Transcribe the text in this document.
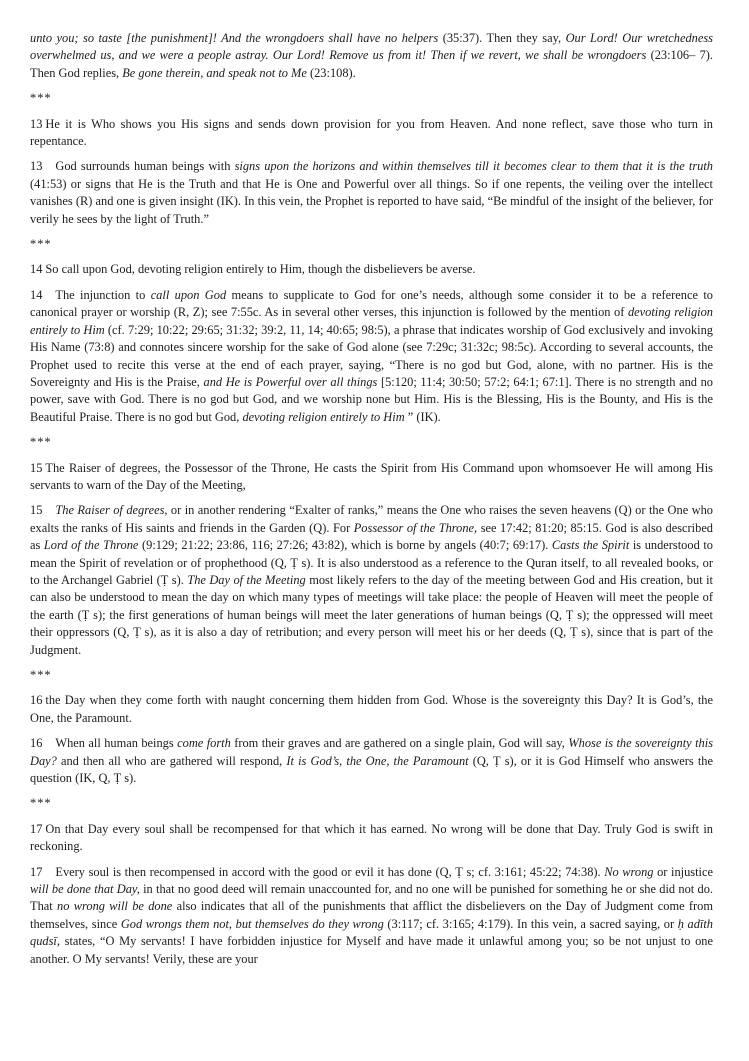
unto you; so taste [the punishment]! And the wrongdoers shall have no helpers (35:37). Then they say, Our Lord! Our wretchedness overwhelmed us, and we were a people astray. Our Lord! Remove us from it! Then if we revert, we shall be wrongdoers (23:106– 7). Then God replies, Be gone therein, and speak not to Me (23:108).

***

13 He it is Who shows you His signs and sends down provision for you from Heaven. And none reflect, save those who turn in repentance.

13 God surrounds human beings with signs upon the horizons and within themselves till it becomes clear to them that it is the truth (41:53) or signs that He is the Truth and that He is One and Powerful over all things. So if one repents, the veiling over the intellect vanishes (R) and one is given insight (IK). In this vein, the Prophet is reported to have said, “Be mindful of the insight of the believer, for verily he sees by the light of Truth.”

***

14 So call upon God, devoting religion entirely to Him, though the disbelievers be averse.

14 The injunction to call upon God means to supplicate to God for one’s needs, although some consider it to be a reference to canonical prayer or worship (R, Z); see 7:55c. As in several other verses, this injunction is followed by the mention of devoting religion entirely to Him (cf. 7:29; 10:22; 29:65; 31:32; 39:2, 11, 14; 40:65; 98:5), a phrase that indicates worship of God exclusively and invoking His Name (73:8) and connotes sincere worship for the sake of God alone (see 7:29c; 31:32c; 98:5c). According to several accounts, the Prophet used to recite this verse at the end of each prayer, saying, “There is no god but God, alone, with no partner. His is the Sovereignty and His is the Praise, and He is Powerful over all things [5:120; 11:4; 30:50; 57:2; 64:1; 67:1]. There is no strength and no power, save with God. There is no god but God, and we worship none but Him. His is the Blessing, His is the Bounty, and His is the Beautiful Praise. There is no god but God, devoting religion entirely to Him ” (IK).

***

15 The Raiser of degrees, the Possessor of the Throne, He casts the Spirit from His Command upon whomsoever He will among His servants to warn of the Day of the Meeting,

15 The Raiser of degrees, or in another rendering “Exalter of ranks,” means the One who raises the seven heavens (Q) or the One who exalts the ranks of His saints and friends in the Garden (Q). For Possessor of the Throne, see 17:42; 81:20; 85:15. God is also described as Lord of the Throne (9:129; 21:22; 23:86, 116; 27:26; 43:82), which is borne by angels (40:7; 69:17). Casts the Spirit is understood to mean the Spirit of revelation or of prophethood (Q, Ṭ s). It is also understood as a reference to the Quran itself, to all revealed books, or to the Archangel Gabriel (Ṭ s). The Day of the Meeting most likely refers to the day of the meeting between God and His creation, but it can also be understood to mean the day on which many types of meetings will take place: the people of Heaven will meet the people of the earth (Ṭ s); the first generations of human beings will meet the later generations of human beings (Q, Ṭ s); the oppressed will meet their oppressors (Q, Ṭ s), as it is also a day of retribution; and every person will meet his or her deeds (Q, Ṭ s), since that is part of the Judgment.

***

16 the Day when they come forth with naught concerning them hidden from God. Whose is the sovereignty this Day? It is God’s, the One, the Paramount.

16 When all human beings come forth from their graves and are gathered on a single plain, God will say, Whose is the sovereignty this Day? and then all who are gathered will respond, It is God’s, the One, the Paramount (Q, Ṭ s), or it is God Himself who answers the question (IK, Q, Ṭ s).

***

17 On that Day every soul shall be recompensed for that which it has earned. No wrong will be done that Day. Truly God is swift in reckoning.

17 Every soul is then recompensed in accord with the good or evil it has done (Q, Ṭ s; cf. 3:161; 45:22; 74:38). No wrong or injustice will be done that Day, in that no good deed will remain unaccounted for, and no one will be punished for something he or she did not do. That no wrong will be done also indicates that all of the punishments that afflict the disbelievers on the Day of Judgment come from themselves, since God wrongs them not, but themselves do they wrong (3:117; cf. 3:165; 4:179). In this vein, a sacred saying, or ḥ adīth qudsī, states, “O My servants! I have forbidden injustice for Myself and have made it unlawful among you; so be not unjust to one another. O My servants! Verily, these are your
